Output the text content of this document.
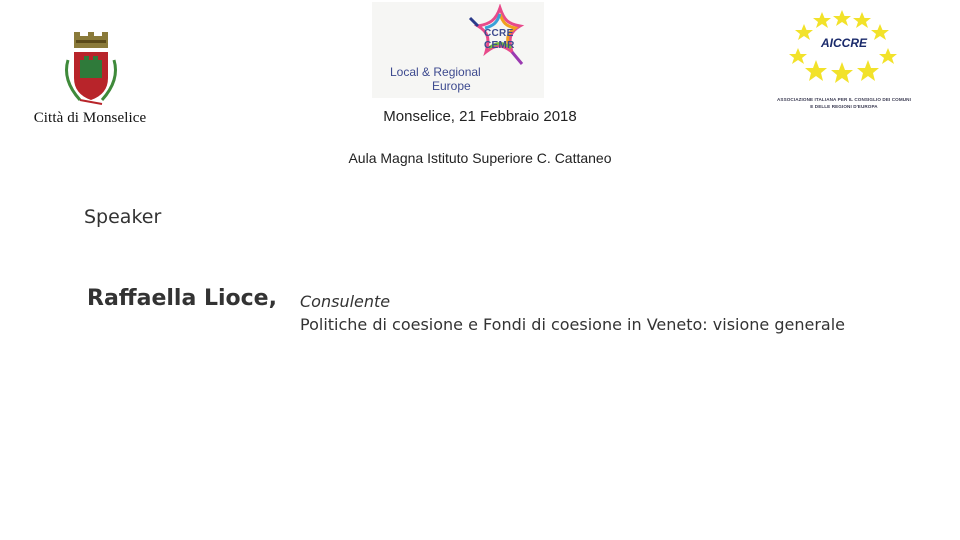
Città di Monselice
CCRE
CEMR
Local & Regional
Europe
AICCRE
ASSOCIAZIONE ITALIANA PER IL CONSIGLIO DEI COMUNI
E DELLE REGIONI D'EUROPA
Monselice, 21 Febbraio 2018
Aula Magna Istituto Superiore C. Cattaneo
Speaker
Raffaella Lioce, Consulente
Politiche di coesione e Fondi di coesione in Veneto: visione generale
